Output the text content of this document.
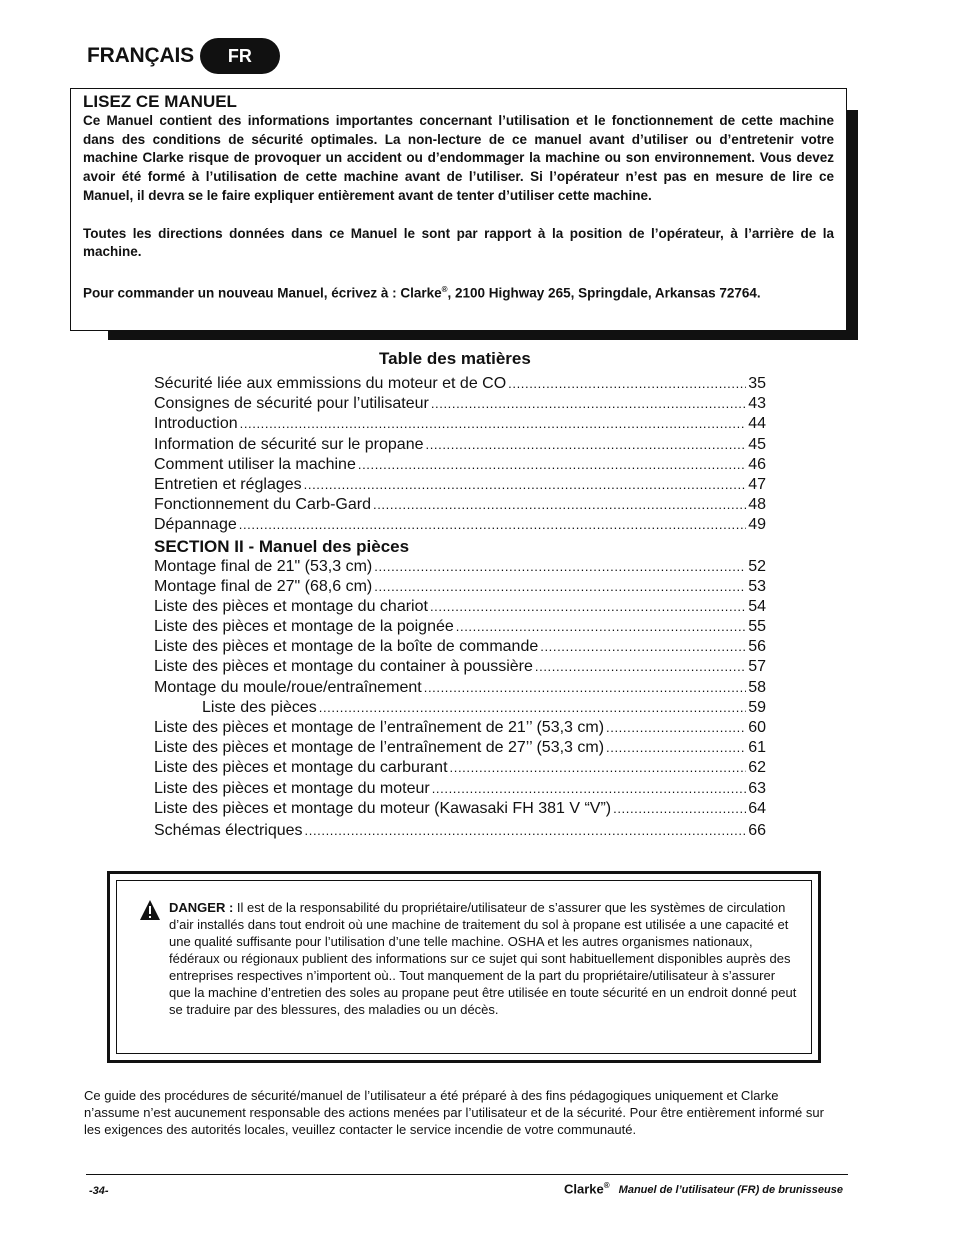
FRANÇAIS	FR
LISEZ CE MANUEL

Ce Manuel contient des informations importantes concernant l’utilisation et le fonctionnement de cette machine dans des conditions de sécurité optimales. La non-lecture de ce manuel avant d’utiliser ou d’entretenir votre machine Clarke risque de provoquer un accident ou d’endommager la machine ou son environnement. Vous devez avoir été formé à l’utilisation de cette machine avant de l’utiliser. Si l’opérateur n’est pas en mesure de lire ce Manuel, il devra se le faire expliquer entièrement avant de tenter d’utiliser cette machine.

Toutes les directions données dans ce Manuel le sont par rapport à la position de l’opérateur, à l’arrière de la machine.

Pour commander un nouveau Manuel, écrivez à : Clarke®, 2100 Highway 265, Springdale, Arkansas 72764.

Table des matières
Sécurité liée aux emmissions du moteur et de CO .....	35
Consignes de sécurité pour l’utilisateur .....	43
Introduction .....	44
Information de sécurité sur le propane .....	45
Comment utiliser la machine .....	46
Entretien et réglages .....	47
Fonctionnement du Carb-Gard .....	48
Dépannage .....	49
SECTION II - Manuel des pièces
Montage final de 21" (53,3 cm) .....	52
Montage final de 27" (68,6 cm) .....	53
Liste des pièces et montage du chariot .....	54
Liste des pièces et montage de la poignée .....	55
Liste des pièces et montage de la boîte de commande .....	56
Liste des pièces et montage du container à poussière .....	57
Montage du moule/roue/entraînement .....	58
Liste des pièces .....	59
Liste des pièces et montage de l’entraînement de 21’’ (53,3 cm) .....	60
Liste des pièces et montage de l’entraînement de 27’’ (53,3 cm) .....	61
Liste des pièces et montage du carburant .....	62
Liste des pièces et montage du moteur .....	63
Liste des pièces et montage du moteur (Kawasaki FH 381 V “V”) .....	64
Schémas électriques .....	66
DANGER : Il est de la responsabilité du propriétaire/utilisateur de s’assurer que les systèmes de circulation d’air installés dans tout endroit où une machine de traitement du sol à propane est utilisée a une capacité et une qualité suffisante pour l’utilisation d’une telle machine. OSHA et les autres organismes nationaux, fédéraux ou régionaux publient des informations sur ce sujet qui sont habituellement disponibles auprès des entreprises respectives n’importent où.. Tout manquement de la part du propriétaire/utilisateur à s’assurer que la machine d’entretien des soles au propane peut être utilisée en toute sécurité en un endroit donné peut se traduire par des blessures, des maladies ou un décès.
Ce guide des procédures de sécurité/manuel de l’utilisateur a été préparé à des fins pédagogiques uniquement et Clarke n’assume n’est aucunement responsable des actions menées par l’utilisateur et de la sécurité. Pour être entièrement informé sur les exigences des autorités locales, veuillez contacter le service incendie de votre communauté.
-34-	Clarke® Manuel de l’utilisateur (FR) de brunisseuse
